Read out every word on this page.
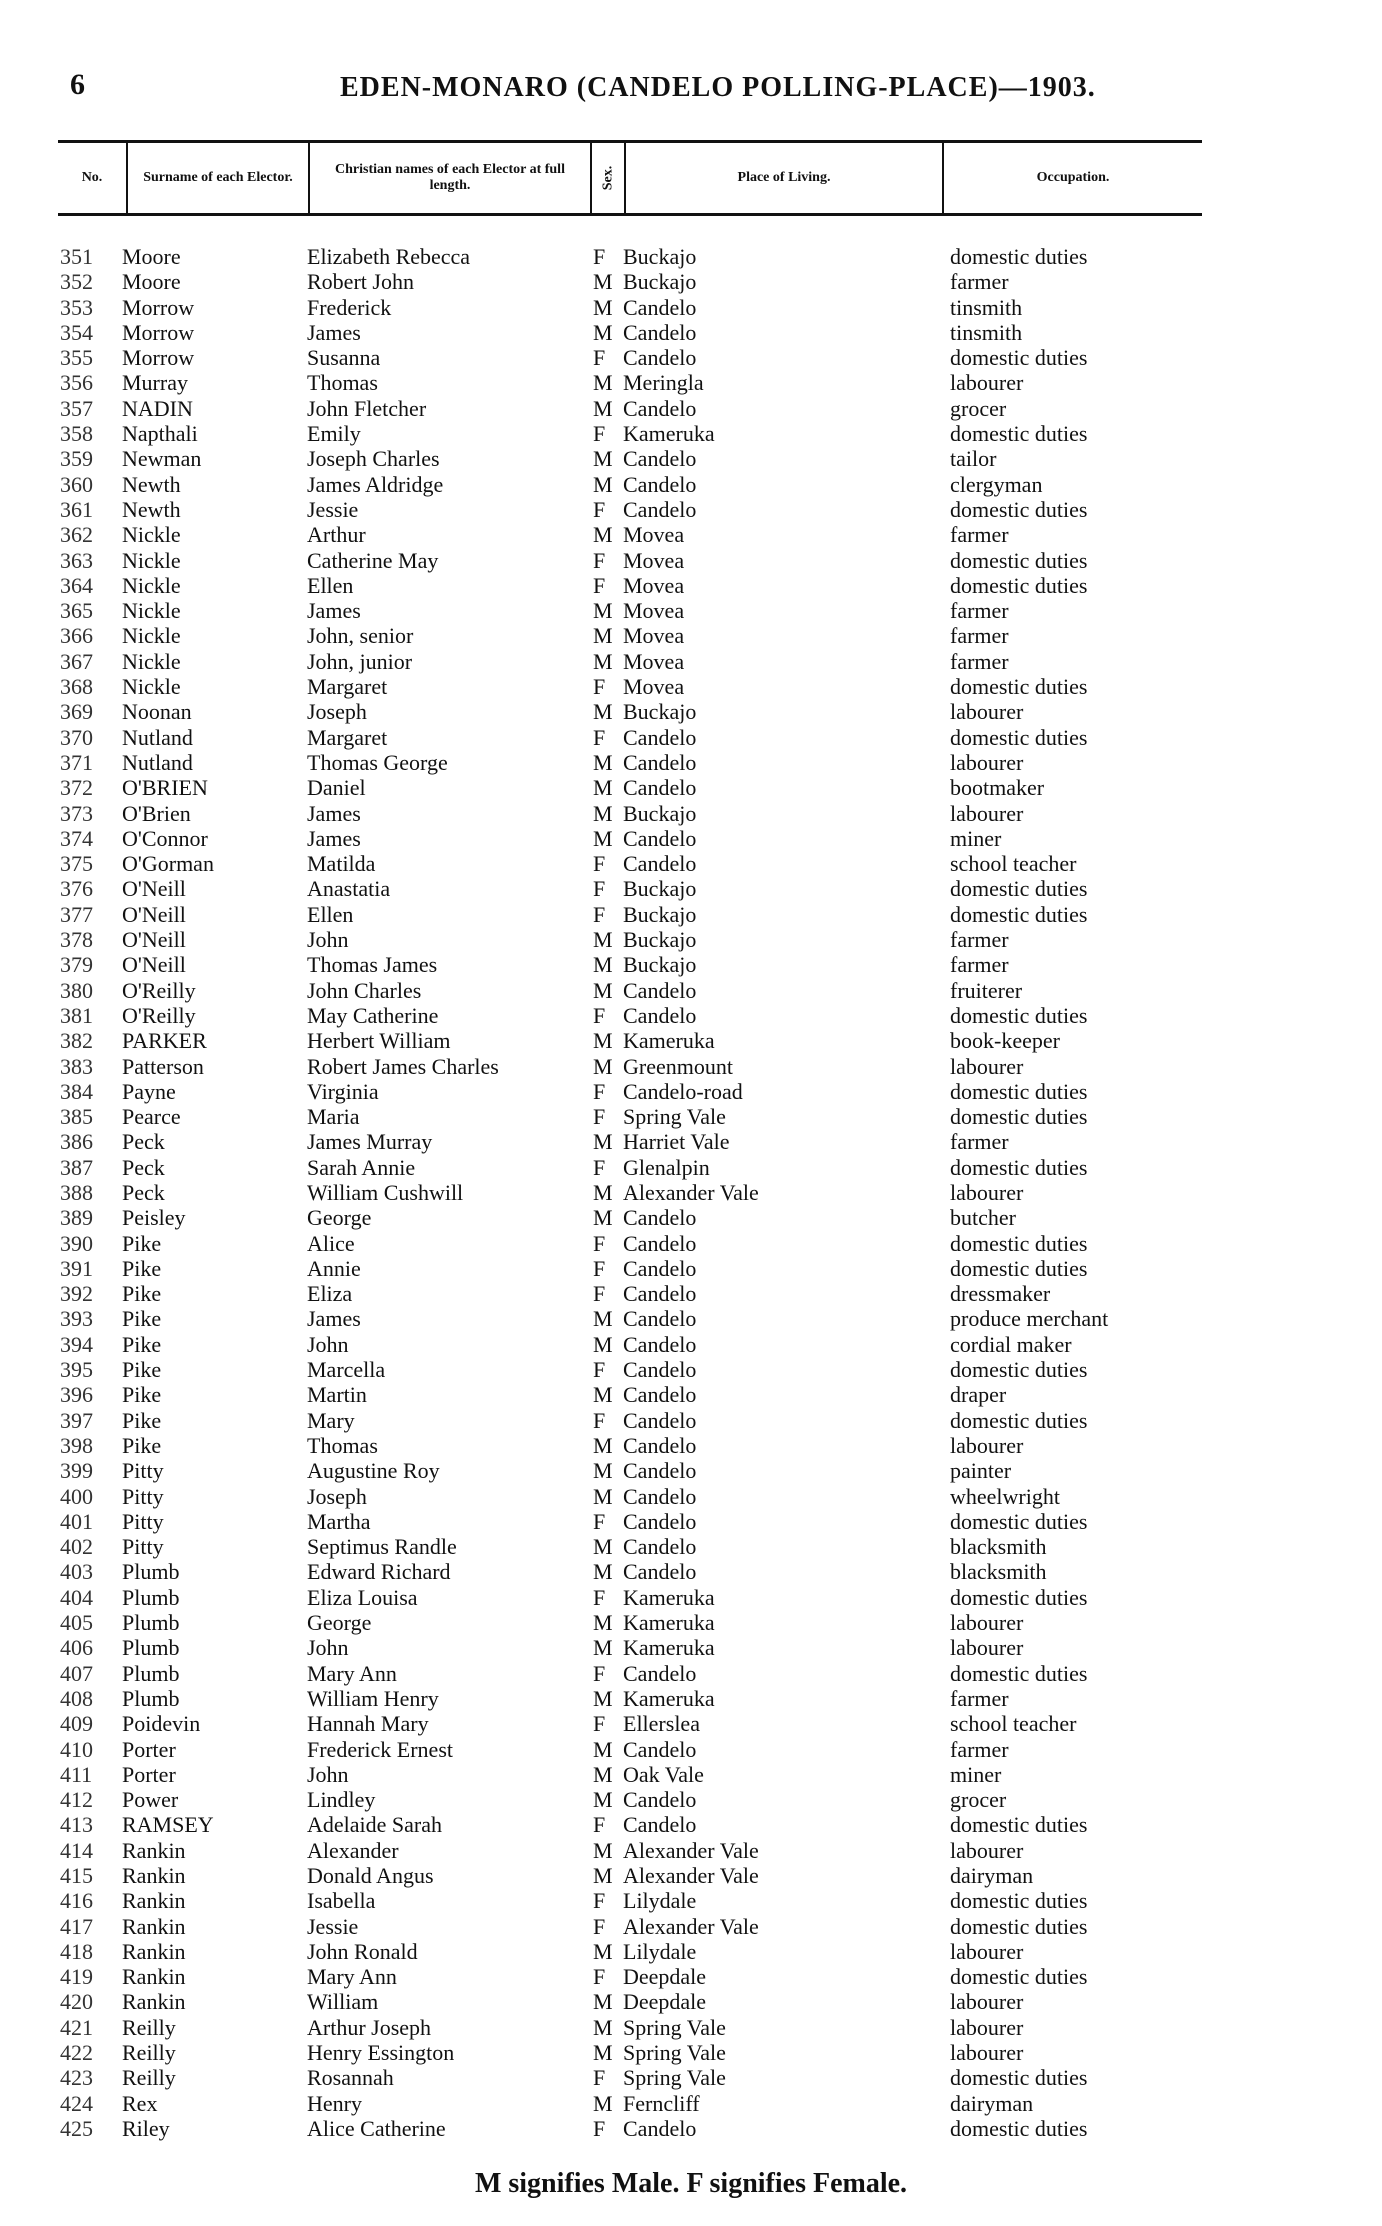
6	EDEN-MONARO (CANDELO POLLING-PLACE)—1903.
No.	Surname of each Elector.
Christian names of each Elector at full length.	Sex.	Place of Living.	Occupation.
351 Moore	Elizabeth Rebecca	F Buckajo	domestic duties
352 Moore	Robert John	M Buckajo	farmer
353 Morrow	Frederick	M Candelo	tinsmith
354 Morrow	James	M Candelo	tinsmith
355 Morrow	Susanna	F Candelo	domestic duties
356 Murray	Thomas	M Meringla	labourer
357 NADIN	John Fletcher	M Candelo	grocer
358 Napthali	Emily	F Kameruka	domestic duties
359 Newman	Joseph Charles	M Candelo	tailor
360 Newth	James Aldridge	M Candelo	clergyman
361 Newth	Jessie	F Candelo	domestic duties
362 Nickle	Arthur	M Movea	farmer
363 Nickle	Catherine May	F Movea	domestic duties
364 Nickle	Ellen	F Movea	domestic duties
365 Nickle	James	M Movea	farmer
366 Nickle	John, senior	M Movea	farmer
367 Nickle	John, junior	M Movea	farmer
368 Nickle	Margaret	F Movea	domestic duties
369 Noonan	Joseph	M Buckajo	labourer
370 Nutland	Margaret	F Candelo	domestic duties
371 Nutland	Thomas George	M Candelo	labourer
372 O'BRIEN	Daniel	M Candelo	bootmaker
373 O'Brien	James	M Buckajo	labourer
374 O'Connor	James	M Candelo	miner
375 O'Gorman	Matilda	F Candelo	school teacher
376 O'Neill	Anastatia	F Buckajo	domestic duties
377 O'Neill	Ellen	F Buckajo	domestic duties
378 O'Neill	John	M Buckajo	farmer
379 O'Neill	Thomas James	M Buckajo	farmer
380 O'Reilly	John Charles	M Candelo	fruiterer
381 O'Reilly	May Catherine	F Candelo	domestic duties
382 PARKER	Herbert William	M Kameruka	book-keeper
383 Patterson	Robert James Charles	M Greenmount	labourer
384 Payne	Virginia	F Candelo-road	domestic duties
385 Pearce	Maria	F Spring Vale	domestic duties
386 Peck	James Murray	M Harriet Vale	farmer
387 Peck	Sarah Annie	F Glenalpin	domestic duties
388 Peck	William Cushwill	M Alexander Vale	labourer
389 Peisley	George	M Candelo	butcher
390 Pike	Alice	F Candelo	domestic duties
391 Pike	Annie	F Candelo	domestic duties
392 Pike	Eliza	F Candelo	dressmaker
393 Pike	James	M Candelo	produce merchant
394 Pike	John	M Candelo	cordial maker
395 Pike	Marcella	F Candelo	domestic duties
396 Pike	Martin	M Candelo	draper
397 Pike	Mary	F Candelo	domestic duties
398 Pike	Thomas	M Candelo	labourer
399 Pitty	Augustine Roy	M Candelo	painter
400 Pitty	Joseph	M Candelo	wheelwright
401 Pitty	Martha	F Candelo	domestic duties
402 Pitty	Septimus Randle	M Candelo	blacksmith
403 Plumb	Edward Richard	M Candelo	blacksmith
404 Plumb	Eliza Louisa	F Kameruka	domestic duties
405 Plumb	George	M Kameruka	labourer
406 Plumb	John	M Kameruka	labourer
407 Plumb	Mary Ann	F Candelo	domestic duties
408 Plumb	William Henry	M Kameruka	farmer
409 Poidevin	Hannah Mary	F Ellerslea	school teacher
410 Porter	Frederick Ernest	M Candelo	farmer
411 Porter	John	M Oak Vale	miner
412 Power	Lindley	M Candelo	grocer
413 RAMSEY	Adelaide Sarah	F Candelo	domestic duties
414 Rankin	Alexander	M Alexander Vale	labourer
415 Rankin	Donald Angus	M Alexander Vale	dairyman
416 Rankin	Isabella	F Lilydale	domestic duties
417 Rankin	Jessie	F Alexander Vale	domestic duties
418 Rankin	John Ronald	M Lilydale	labourer
419 Rankin	Mary Ann	F Deepdale	domestic duties
420 Rankin	William	M Deepdale	labourer
421 Reilly	Arthur Joseph	M Spring Vale	labourer
422 Reilly	Henry Essington	M Spring Vale	labourer
423 Reilly	Rosannah	F Spring Vale	domestic duties
424 Rex	Henry	M Ferncliff	dairyman
425 Riley	Alice Catherine	F Candelo	domestic duties
M signifies Male. F signifies Female.
